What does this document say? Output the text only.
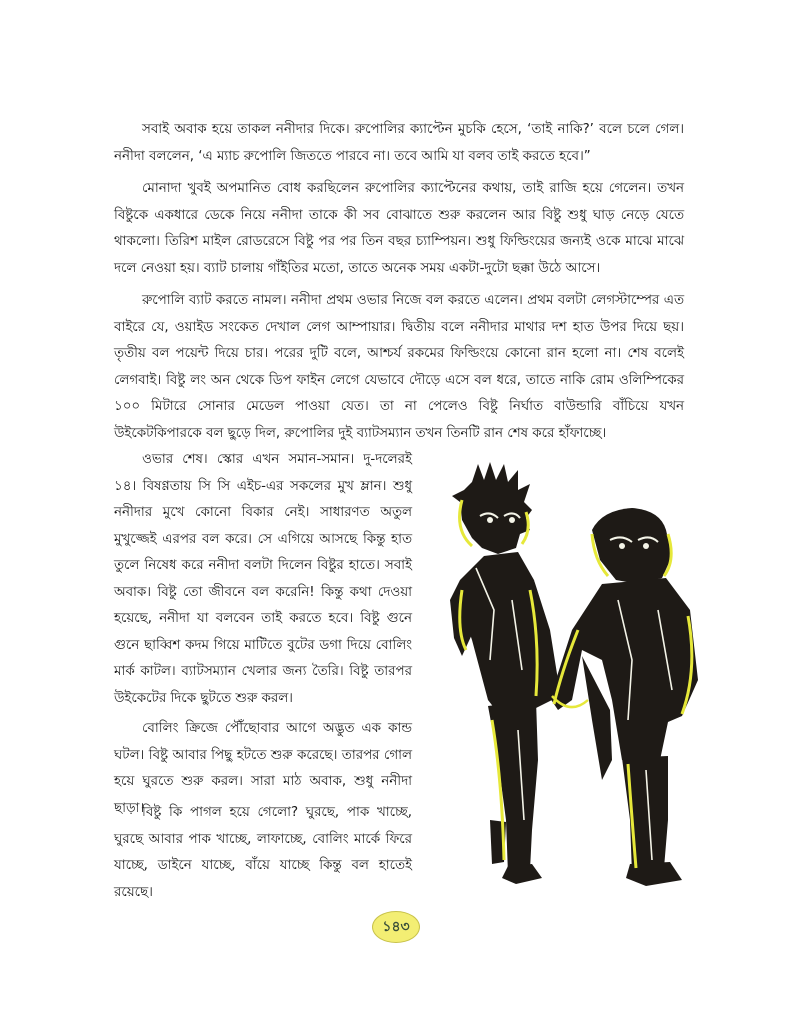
সবাই অবাক হয়ে তাকল ননীদার দিকে। রুপোলির ক্যাপ্টেন মুচকি হেসে, ‘তাই নাকি?’ বলে চলে গেল। ননীদা বললেন, ‘এ ম্যাচ রুপোলি জিততে পারবে না। তবে আমি যা বলব তাই করতে হবে।”

মোনাদা খুবই অপমানিত বোধ করছিলেন রুপোলির ক্যাপ্টেনের কথায়, তাই রাজি হয়ে গেলেন। তখন বিষ্টুকে একধারে ডেকে নিয়ে ননীদা তাকে কী সব বোঝাতে শুরু করলেন আর বিষ্টু শুধু ঘাড় নেড়ে যেতে থাকলো। তিরিশ মাইল রোডরেসে বিষ্টু পর পর তিন বছর চ্যাম্পিয়ন। শুধু ফিল্ডিংয়ের জন্যই ওকে মাঝে মাঝে দলে নেওয়া হয়। ব্যাট চালায় গাঁইতির মতো, তাতে অনেক সময় একটা-দুটো ছক্কা উঠে আসে।

রুপোলি ব্যাট করতে নামল। ননীদা প্রথম ওভার নিজে বল করতে এলেন। প্রথম বলটা লেগস্টাম্পের এত বাইরে যে, ওয়াইড সংকেত দেখাল লেগ আম্পায়ার। দ্বিতীয় বলে ননীদার মাথার দশ হাত উপর দিয়ে ছয়। তৃতীয় বল পয়েন্ট দিয়ে চার। পরের দুটি বলে, আশ্চর্য রকমের ফিল্ডিংয়ে কোনো রান হলো না। শেষ বলেই লেগবাই। বিষ্টু লং অন থেকে ডিপ ফাইন লেগে যেভাবে দৌড়ে এসে বল ধরে, তাতে নাকি রোম ওলিম্পিকের ১০০ মিটারে সোনার মেডেল পাওয়া যেত। তা না পেলেও বিষ্টু নির্ঘাত বাউন্ডারি বাঁচিয়ে যখন উইকেটকিপারকে বল ছুড়ে দিল, রুপোলির দুই ব্যাটসম্যান তখন তিনটি রান শেষ করে হাঁফাচ্ছে।

ওভার শেষ। স্কোর এখন সমান-সমান। দু-দলেরই ১৪। বিষণ্ণতায় সি সি এইচ-এর সকলের মুখ ম্লান। শুধু ননীদার মুখে কোনো বিকার নেই। সাধারণত অতুল মুখুজ্জেই এরপর বল করে। সে এগিয়ে আসছে কিন্তু হাত তুলে নিষেধ করে ননীদা বলটা দিলেন বিষ্টুর হাতে। সবাই অবাক। বিষ্টু তো জীবনে বল করেনি! কিন্তু কথা দেওয়া হয়েছে, ননীদা যা বলবেন তাই করতে হবে। বিষ্টু গুনে গুনে ছাব্বিশ কদম গিয়ে মাটিতে বুটের ডগা দিয়ে বোলিং মার্ক কাটল। ব্যাটসম্যান খেলার জন্য তৈরি। বিষ্টু তারপর উইকেটের দিকে ছুটতে শুরু করল।

বোলিং ক্রিজে পৌঁছোবার আগে অদ্ভুত এক কান্ড ঘটল। বিষ্টু আবার পিছু হটতে শুরু করেছে। তারপর গোল হয়ে ঘুরতে শুরু করল। সারা মাঠ অবাক, শুধু ননীদা ছাড়া।

বিষ্টু কি পাগল হয়ে গেলো? ঘুরছে, পাক খাচ্ছে, ঘুরছে আবার পাক খাচ্ছে, লাফাচ্ছে, বোলিং মার্কে ফিরে যাচ্ছে, ডাইনে যাচ্ছে, বাঁয়ে যাচ্ছে কিন্তু বল হাতেই রয়েছে।

১৪৩
